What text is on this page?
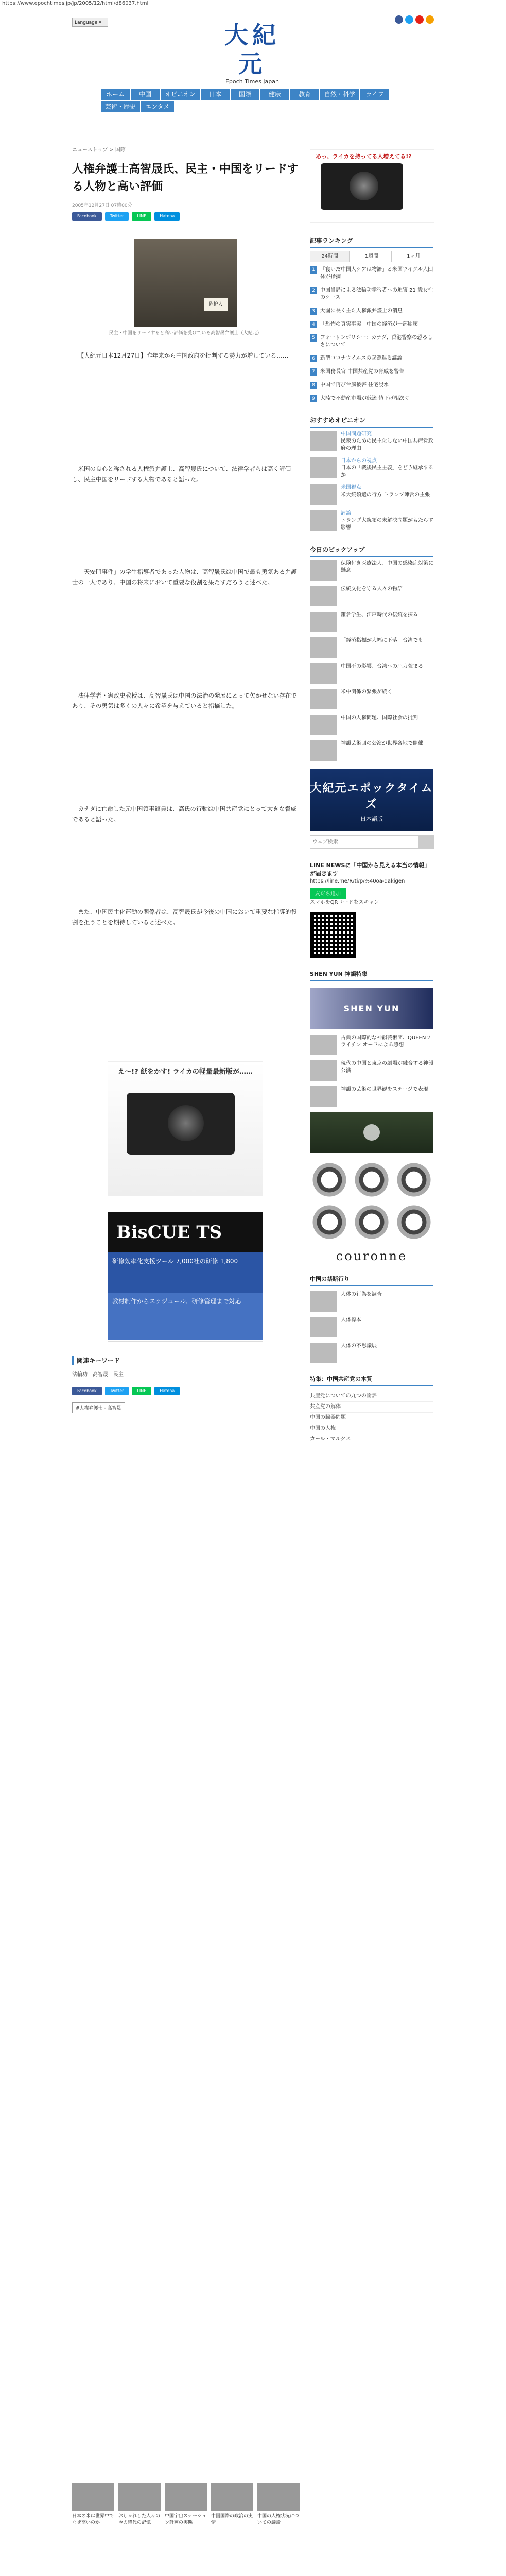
https://www.epochtimes.jp/jp/2005/12/html/d86037.html
Language ▾	大紀元
Epoch Times Japan
ホーム	中国	オピニオン	日本	国際	健康	教育	自然・科学	ライフ
芸術・歴史	エンタメ
ニューストップ > 国際
人権弁護士高智晟氏、民主・中国をリードする人物と高い評価
2005年12月27日 07時00分
Facebook	Twitter	LINE	Hatena
陈护人
民主・中国をリードすると高い評価を受けている高智晟弁護士（大紀元）

【大紀元日本12月27日】昨年来から中国政府を批判する勢力が増している……

米国の良心と称される人権派弁護士、高智晟氏について、法律学者らは高く評価し、民主中国をリードする人物であると語った。

「天安門事件」の学生指導者であった人物は、高智晟氏は中国で最も勇気ある弁護士の一人であり、中国の将来において重要な役割を果たすだろうと述べた。

法律学者・憲政史教授は、高智晟氏は中国の法治の発展にとって欠かせない存在であり、その勇気は多くの人々に希望を与えていると指摘した。

カナダに亡命した元中国領事館員は、高氏の行動は中国共産党にとって大きな脅威であると語った。

また、中国民主化運動の関係者は、高智晟氏が今後の中国において重要な指導的役割を担うことを期待していると述べた。

え〜!? 紙をかす! ライカの軽量最新版が……
BisCUE TS
研修効率化支援ツール 7,000社の研修 1,800
教材制作からスケジュール、研修管理まで対応
関連キーワード
法輪功　高智晟　民主
Facebook	Twitter	LINE	Hatena
#人権弁護士・高智晟
あっ、ライカを持ってる人増えてる!?
記事ランキング
24時間	1週間	1ヶ月
1	「寝いだ中国人ケアは物語」と米国ウイグル人団体が指摘
2	中国当局による法輪功学習者への迫害 21 歳女性のケース
3	大園に長く主た人権派弁護士の消息
4	「恐怖の真実事実」中国の経済が一部崩壊
5	フォーリンポリシー：カナダ、香港警察の恐ろしさについて
6	新型コロナウイルスの起源巡る議論
7	米国務長官 中国共産党の脅威を警告
8	中国で再び台風被害 住宅浸水
9	大陸で不動産市場が低迷 値下げ相次ぐ
おすすめオピニオン
中国問題研究
民衆のための民主化しない中国共産党政府の理由
日本からの視点
日本の「戦後民主主義」をどう継承するか
米国視点
米大統領選の行方 トランプ陣営の主張
評論
トランプ大統領の未解決問題がもたらす影響
今日のピックアップ
保険付き医療法人、中国の感染症対策に懸念
伝統文化を守る人々の物語
鎌倉学生、江戸時代の伝統を探る
「経済指標が大幅に下落」台湾でも
中国不の影響、台湾への圧力強まる
米中関係の緊張が続く
中国の人権問題、国際社会の批判
神韻芸術団の公演が世界各地で開催
大紀元エポックタイムズ
日本語版
ウェブ検索
LINE NEWSに「中国から見える本当の情報」が届きます
https://line.me/R/ti/p/%40oa-dakigen
友だち追加
スマホをQRコードをスキャン
SHEN YUN 神韻特集
SHEN YUN
古典の国際的な神韻芸術団、QUEENフライチン オードによる感想
現代の中国と東京の劇場が融合する神韻公演
神韻の芸術の世界観をステージで表現
couronne
中国の禁断行り
人体の行為を調査
人体標本
人体の不思議展
特集：中国共産党の本質
共産党についての九つの論評
共産党の解体
中国の臓器問題
中国の人権
カール・マルクス
日本の米は世界中でなぜ高いのか
おしゃれした人々の今の時代の記憶
中国宇宙ステーション計画の実態
中国国際の政治の実情
中国の人権状況についての議論
